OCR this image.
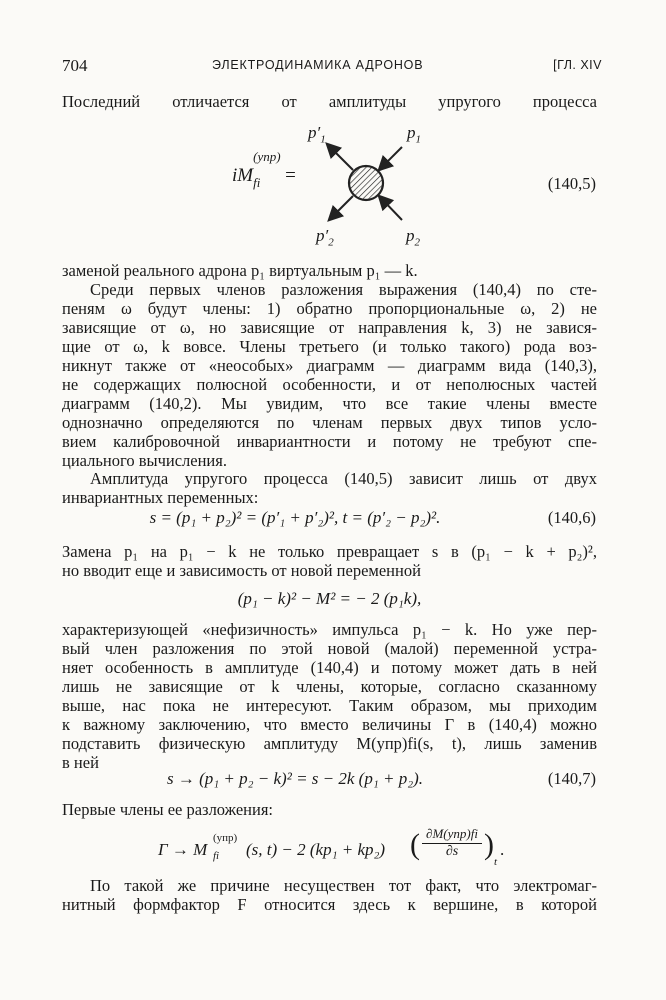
704	ЭЛЕКТРОДИНАМИКА АДРОНОВ	[ГЛ. XIV
Последний отличается от амплитуды упругого процесса
iM
(упр)
$_{fi}$ =
$p'_1$	$p_1$
$p'_2$	$p_2$
(140,5)
заменой реального адрона p₁ виртуальным p₁ — k.
Среди первых членов разложения выражения (140,4) по сте-
пеням ω будут члены: 1) обратно пропорциональные ω, 2) не
зависящие от ω, но зависящие от направления k, 3) не завися-
щие от ω, k вовсе. Члены третьего (и только такого) рода воз-
никнут также от «неособых» диаграмм — диаграмм вида (140,3),
не содержащих полюсной особенности, и от неполюсных частей
диаграмм (140,2). Мы увидим, что все такие члены вместе
однозначно определяются по членам первых двух типов усло-
вием калибровочной инвариантности и потому не требуют спе-
циального вычисления.
Амплитуда упругого процесса (140,5) зависит лишь от двух
инвариантных переменных:
s = (p₁ + p₂)² = (p′₁ + p′₂)², t = (p′₂ − p₂)².	(140,6)
Замена p₁ на p₁ − k не только превращает s в (p₁ − k + p₂)²,
но вводит еще и зависимость от новой переменной
(p₁ − k)² − M² = − 2 (p₁k),
характеризующей «нефизичность» импульса p₁ − k. Но уже пер-
вый член разложения по этой новой (малой) переменной устра-
няет особенность в амплитуде (140,4) и потому может дать в ней
лишь не зависящие от k члены, которые, согласно сказанному
выше, нас пока не интересуют. Таким образом, мы приходим
к важному заключению, что вместо величины Γ в (140,4) можно
подставить физическую амплитуду M(упр)fi(s, t), лишь заменив
в ней
s → (p₁ + p₂ − k)² = s − 2k (p₁ + p₂).	(140,7)
Первые члены ее разложения:
Γ → M
(упр)
fi (s, t) − 2 (kp₁ + kp₂) ( ∂M(упр)fi
∂s )
t
.
По такой же причине несуществен тот факт, что электромаг-
нитный формфактор F относится здесь к вершине, в которой
